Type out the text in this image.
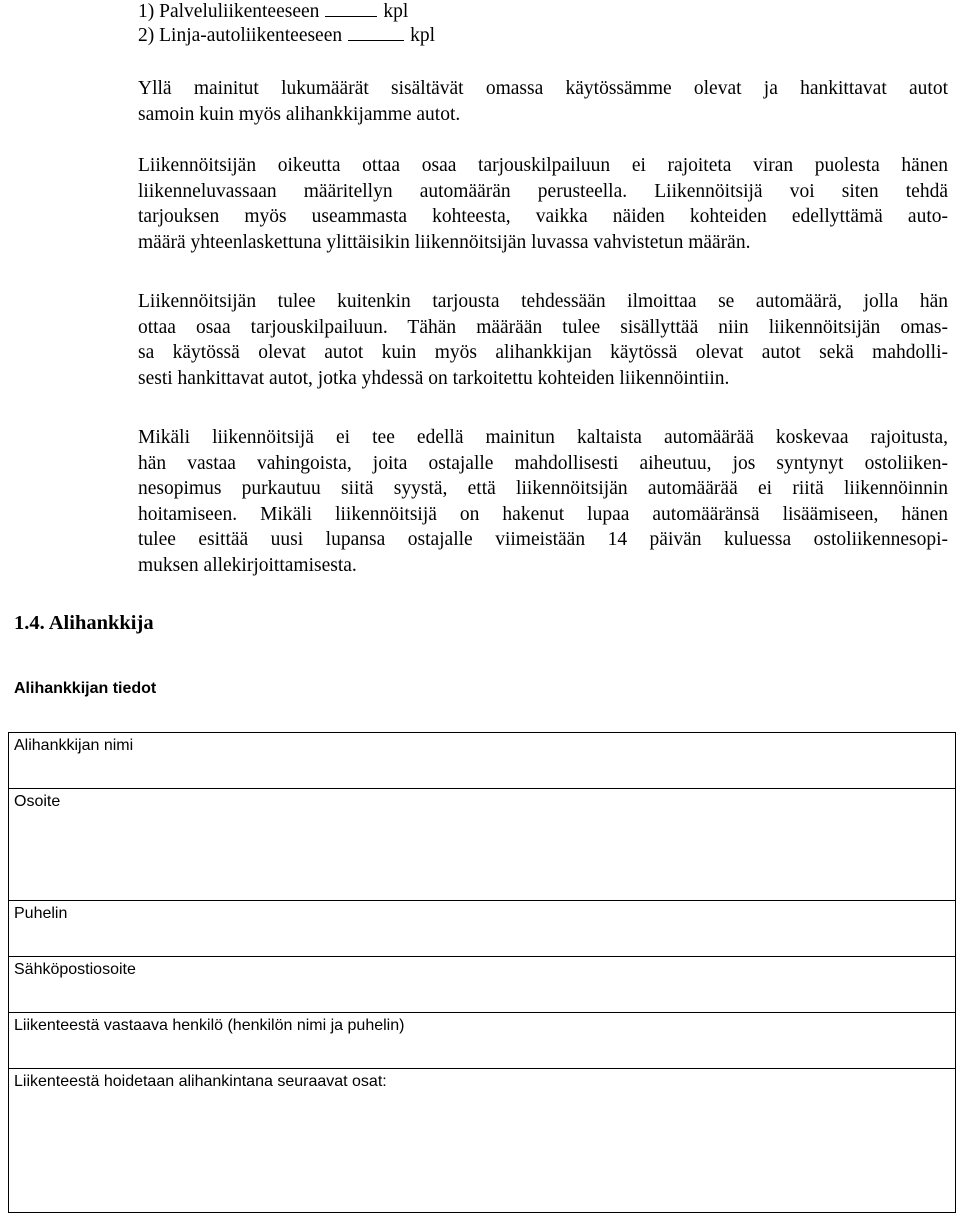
1) Palveluliikenteeseen	kpl
2) Linja-autoliikenteeseen	kpl
Yllä mainitut lukumäärät sisältävät omassa käytössämme olevat ja hankittavat autot
samoin kuin myös alihankkijamme autot.
Liikennöitsijän oikeutta ottaa osaa tarjouskilpailuun ei rajoiteta viran puolesta hänen
liikenneluvassaan määritellyn automäärän perusteella. Liikennöitsijä voi siten tehdä
tarjouksen myös useammasta kohteesta, vaikka näiden kohteiden edellyttämä auto-
määrä yhteenlaskettuna ylittäisikin liikennöitsijän luvassa vahvistetun määrän.
Liikennöitsijän tulee kuitenkin tarjousta tehdessään ilmoittaa se automäärä, jolla hän
ottaa osaa tarjouskilpailuun. Tähän määrään tulee sisällyttää niin liikennöitsijän omas-
sa käytössä olevat autot kuin myös alihankkijan käytössä olevat autot sekä mahdolli-
sesti hankittavat autot, jotka yhdessä on tarkoitettu kohteiden liikennöintiin.
Mikäli liikennöitsijä ei tee edellä mainitun kaltaista automäärää koskevaa rajoitusta,
hän vastaa vahingoista, joita ostajalle mahdollisesti aiheutuu, jos syntynyt ostoliiken-
nesopimus purkautuu siitä syystä, että liikennöitsijän automäärää ei riitä liikennöinnin
hoitamiseen. Mikäli liikennöitsijä on hakenut lupaa automääränsä lisäämiseen, hänen
tulee esittää uusi lupansa ostajalle viimeistään 14 päivän kuluessa ostoliikennesopi-
muksen allekirjoittamisesta.
1.4. Alihankkija
Alihankkijan tiedot
Alihankkijan nimi
Osoite
Puhelin
Sähköpostiosoite
Liikenteestä vastaava henkilö (henkilön nimi ja puhelin)
Liikenteestä hoidetaan alihankintana seuraavat osat:
